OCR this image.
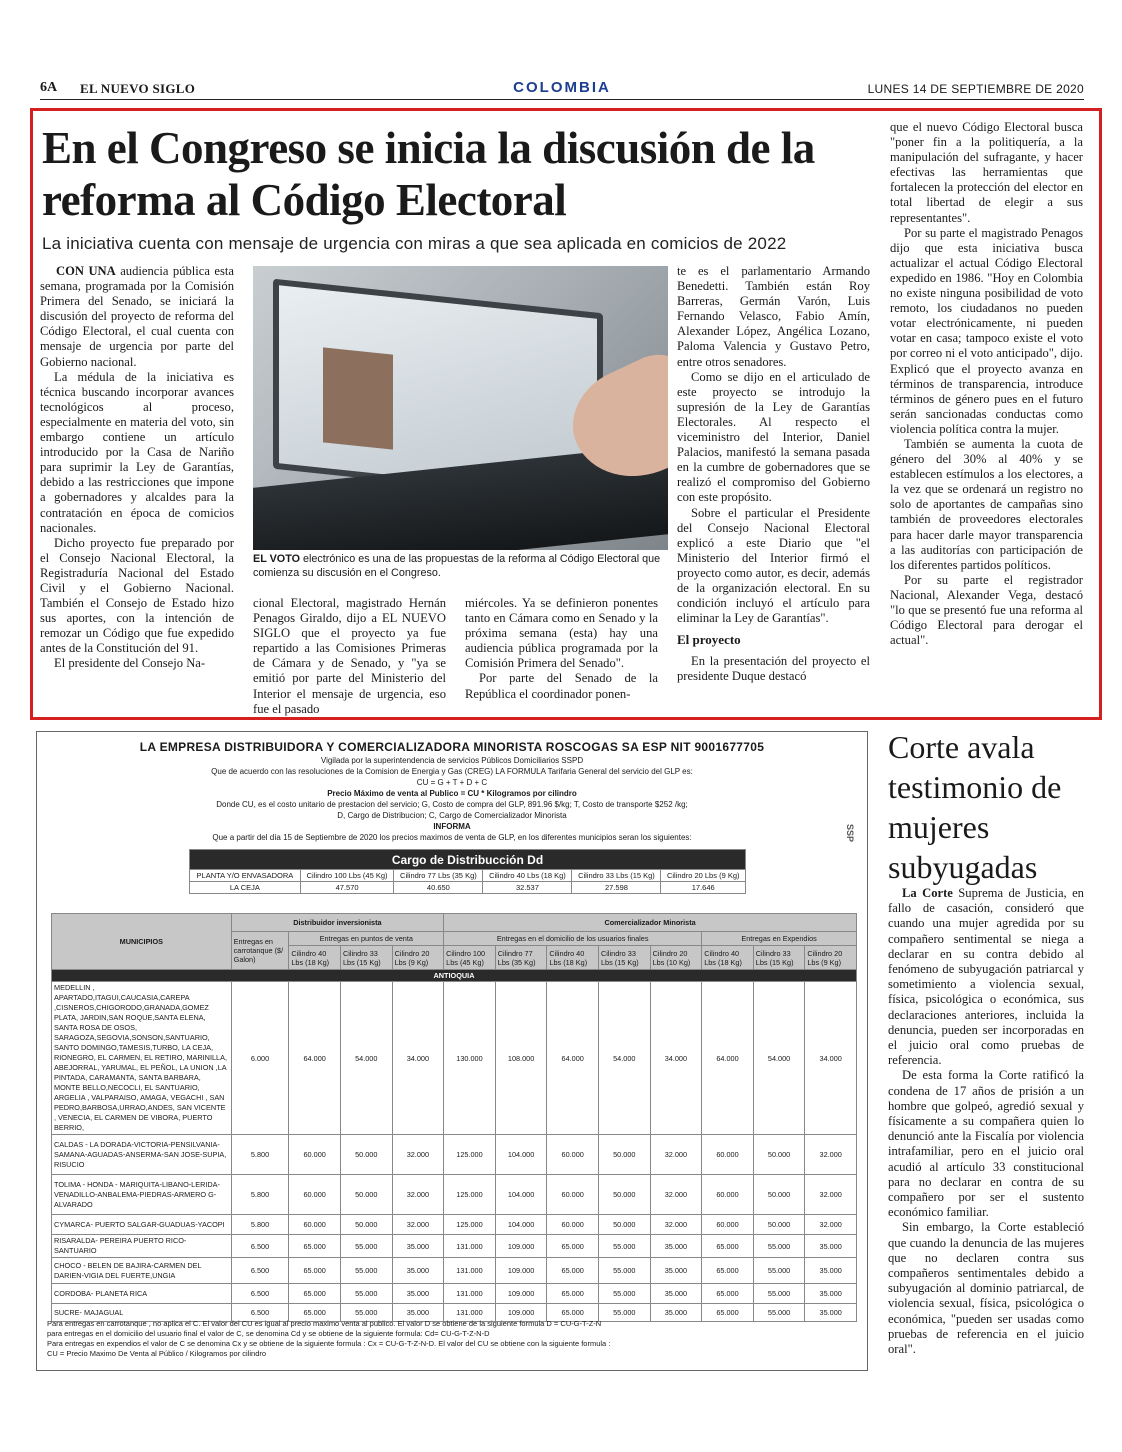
6A EL NUEVO SIGLO	COLOMBIA	LUNES 14 DE SEPTIEMBRE DE 2020
En el Congreso se inicia la discusión de la reforma al Código Electoral
La iniciativa cuenta con mensaje de urgencia con miras a que sea aplicada en comicios de 2022

CON UNA audiencia pública esta semana, programada por la Comisión Primera del Senado, se iniciará la discusión del proyecto de reforma del Código Electoral, el cual cuenta con mensaje de urgencia por parte del Gobierno nacional.

La médula de la iniciativa es técnica buscando incorporar avances tecnológicos al proceso, especialmente en materia del voto, sin embargo contiene un artículo introducido por la Casa de Nariño para suprimir la Ley de Garantías, debido a las restricciones que impone a gobernadores y alcaldes para la contratación en época de comicios nacionales.

Dicho proyecto fue preparado por el Consejo Nacional Electoral, la Registraduría Nacional del Estado Civil y el Gobierno Nacional. También el Consejo de Estado hizo sus aportes, con la intención de remozar un Código que fue expedido antes de la Constitución del 91.

El presidente del Consejo Na-

EL VOTO electrónico es una de las propuestas de la reforma al Código Electoral que comienza su discusión en el Congreso.

cional Electoral, magistrado Hernán Penagos Giraldo, dijo a EL NUEVO SIGLO que el proyecto ya fue repartido a las Comisiones Primeras de Cámara y de Senado, y "ya se emitió por parte del Ministerio del Interior el mensaje de urgencia, eso fue el pasado

miércoles. Ya se definieron ponentes tanto en Cámara como en Senado y la próxima semana (esta) hay una audiencia pública programada por la Comisión Primera del Senado".

Por parte del Senado de la República el coordinador ponen-

te es el parlamentario Armando Benedetti. También están Roy Barreras, Germán Varón, Luis Fernando Velasco, Fabio Amín, Alexander López, Angélica Lozano, Paloma Valencia y Gustavo Petro, entre otros senadores.

Como se dijo en el articulado de este proyecto se introdujo la supresión de la Ley de Garantías Electorales. Al respecto el viceministro del Interior, Daniel Palacios, manifestó la semana pasada en la cumbre de gobernadores que se realizó el compromiso del Gobierno con este propósito.

Sobre el particular el Presidente del Consejo Nacional Electoral explicó a este Diario que "el Ministerio del Interior firmó el proyecto como autor, es decir, además de la organización electoral. En su condición incluyó el artículo para eliminar la Ley de Garantías".

El proyecto

En la presentación del proyecto el presidente Duque destacó

que el nuevo Código Electoral busca "poner fin a la politiquería, a la manipulación del sufragante, y hacer efectivas las herramientas que fortalecen la protección del elector en total libertad de elegir a sus representantes".

Por su parte el magistrado Penagos dijo que esta iniciativa busca actualizar el actual Código Electoral expedido en 1986. "Hoy en Colombia no existe ninguna posibilidad de voto remoto, los ciudadanos no pueden votar electrónicamente, ni pueden votar en casa; tampoco existe el voto por correo ni el voto anticipado", dijo. Explicó que el proyecto avanza en términos de transparencia, introduce términos de género pues en el futuro serán sancionadas conductas como violencia política contra la mujer.

También se aumenta la cuota de género del 30% al 40% y se establecen estímulos a los electores, a la vez que se ordenará un registro no solo de aportantes de campañas sino también de proveedores electorales para hacer darle mayor transparencia a las auditorías con participación de los diferentes partidos políticos.

Por su parte el registrador Nacional, Alexander Vega, destacó "lo que se presentó fue una reforma al Código Electoral para derogar el actual".

LA EMPRESA DISTRIBUIDORA Y COMERCIALIZADORA MINORISTA ROSCOGAS SA ESP NIT 9001677705
Vigilada por la superintendencia de servicios Públicos Domiciliarios SSPD
Que de acuerdo con las resoluciones de la Comision de Energia y Gas (CREG) LA FORMULA Tarifaria General del servicio del GLP es:
CU = G + T + D + C
Precio Máximo de venta al Publico = CU * Kilogramos por cilindro
Donde CU, es el costo unitario de prestacion del servicio; G, Costo de compra del GLP, 891.96 $/kg; T, Costo de transporte $252 /kg;
D, Cargo de Distribucion; C, Cargo de Comercializador Minorista
INFORMA
Que a partir del día 15 de Septiembre de 2020 los precios maximos de venta de GLP, en los diferentes municipios seran los siguientes:	SSP
Cargo de Distribucción Dd					
PLANTA Y/O ENVASADORA	Cilindro 100 Lbs (45 Kg)	Cilindro 77 Lbs (35 Kg)	Cilindro 40 Lbs (18 Kg)	Cilindro 33 Lbs (15 Kg)	Cilindro 20 Lbs (9 Kg)
LA CEJA	47.570	40.650	32.537	27.598	17.646
MUNICIPIOS	Distribuidor inversionista				Comercializador Minorista							
	Entregas en carrotanque ($/ Galon)	Entregas en puntos de venta			Entregas en el domicilio de los usuarios finales					Entregas en Expendios		
		Cilindro 40 Lbs (18 Kg)	Cilindro 33 Lbs (15 Kg)	Cilindro 20 Lbs (9 Kg)	Cilindro 100 Lbs (45 Kg)	Cilindro 77 Lbs (35 Kg)	Cilindro 40 Lbs (18 Kg)	Cilindro 33 Lbs (15 Kg)	Cilindro 20 Lbs (10 Kg)	Cilindro 40 Lbs (18 Kg)	Cilindro 33 Lbs (15 Kg)	Cilindro 20 Lbs (9 Kg)
ANTIOQUIA												
MEDELLIN , APARTADO,ITAGUI,CAUCASIA,CAREPA ,CISNEROS,CHIGORODO,GRANADA,GOMEZ PLATA, JARDIN,SAN ROQUE,SANTA ELENA, SANTA ROSA DE OSOS, SARAGOZA,SEGOVIA,SONSON,SANTUARIO, SANTO DOMINGO,TAMESIS,TURBO, LA CEJA, RIONEGRO, EL CARMEN, EL RETIRO, MARINILLA, ABEJORRAL, YARUMAL, EL PEÑOL, LA UNION ,LA PINTADA, CARAMANTA, SANTA BARBARA, MONTE BELLO,NECOCLI, EL SANTUARIO, ARGELIA , VALPARAISO, AMAGA, VEGACHI , SAN PEDRO,BARBOSA,URRAO,ANDES, SAN VICENTE , VENECIA, EL CARMEN DE VIBORA, PUERTO BERRIO,	6.000	64.000	54.000	34.000	130.000	108.000	64.000	54.000	34.000	64.000	54.000	34.000
CALDAS - LA DORADA-VICTORIA-PENSILVANIA-SAMANA-AGUADAS-ANSERMA-SAN JOSE-SUPIA, RISUCIO	5.800	60.000	50.000	32.000	125.000	104.000	60.000	50.000	32.000	60.000	50.000	32.000
TOLIMA - HONDA - MARIQUITA-LIBANO-LERIDA-VENADILLO-ANBALEMA-PIEDRAS-ARMERO G-ALVARADO	5.800	60.000	50.000	32.000	125.000	104.000	60.000	50.000	32.000	60.000	50.000	32.000
CYMARCA- PUERTO SALGAR-GUADUAS-YACOPI	5.800	60.000	50.000	32.000	125.000	104.000	60.000	50.000	32.000	60.000	50.000	32.000
RISARALDA- PEREIRA PUERTO RICO-SANTUARIO	6.500	65.000	55.000	35.000	131.000	109.000	65.000	55.000	35.000	65.000	55.000	35.000
CHOCO - BELEN DE BAJIRA-CARMEN DEL DARIEN-VIGIA DEL FUERTE,UNGIA	6.500	65.000	55.000	35.000	131.000	109.000	65.000	55.000	35.000	65.000	55.000	35.000
CORDOBA- PLANETA RICA	6.500	65.000	55.000	35.000	131.000	109.000	65.000	55.000	35.000	65.000	55.000	35.000
SUCRE- MAJAGUAL	6.500	65.000	55.000	35.000	131.000	109.000	65.000	55.000	35.000	65.000	55.000	35.000
Para entregas en carrotanque , no aplica el C. El valor del CU es igual al precio maximo venta al publico. El valor D se obtiene de la siguiente formula D = CU-G-T-Z-N
para entregas en el domicilio del usuario final el valor de C, se denomina Cd y se obtiene de la siguiente formula: Cd= CU-G-T-Z-N-D
Para entregas en expendios el valor de C se denomina Cx y se obtiene de la siguiente formula : Cx = CU-G-T-Z-N-D. El valor del CU se obtiene con la siguiente formula :
CU = Precio Maximo De Venta al Público / Kilogramos por cilindro
Corte avala testimonio de mujeres subyugadas

La Corte Suprema de Justicia, en fallo de casación, consideró que cuando una mujer agredida por su compañero sentimental se niega a declarar en su contra debido al fenómeno de subyugación patriarcal y sometimiento a violencia sexual, física, psicológica o económica, sus declaraciones anteriores, incluida la denuncia, pueden ser incorporadas en el juicio oral como pruebas de referencia.

De esta forma la Corte ratificó la condena de 17 años de prisión a un hombre que golpeó, agredió sexual y físicamente a su compañera quien lo denunció ante la Fiscalía por violencia intrafamiliar, pero en el juicio oral acudió al artículo 33 constitucional para no declarar en contra de su compañero por ser el sustento económico familiar.

Sin embargo, la Corte estableció que cuando la denuncia de las mujeres que no declaren contra sus compañeros sentimentales debido a subyugación al dominio patriarcal, de violencia sexual, física, psicológica o económica, "pueden ser usadas como pruebas de referencia en el juicio oral".
